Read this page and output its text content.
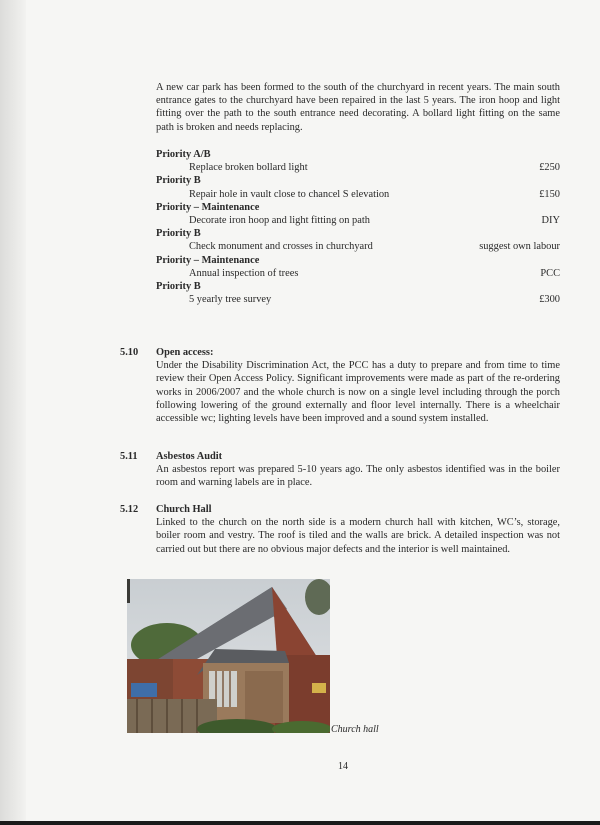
A new car park has been formed to the south of the churchyard in recent years. The main south entrance gates to the churchyard have been repaired in the last 5 years. The iron hoop and light fitting over the path to the south entrance need decorating. A bollard light fitting on the same path is broken and needs replacing.
Priority A/B
Replace broken bollard light	£250
Priority B
Repair hole in vault close to chancel S elevation	£150
Priority – Maintenance
Decorate iron hoop and light fitting on path	DIY
Priority B
Check monument and crosses in churchyard	suggest own labour
Priority – Maintenance
Annual inspection of trees	PCC
Priority B
5 yearly tree survey	£300
5.10 Open access:
Under the Disability Discrimination Act, the PCC has a duty to prepare and from time to time review their Open Access Policy. Significant improvements were made as part of the re-ordering works in 2006/2007 and the whole church is now on a single level including through the porch following lowering of the ground externally and floor level internally. There is a wheelchair accessible wc; lighting levels have been improved and a sound system installed.
5.11 Asbestos Audit
An asbestos report was prepared 5-10 years ago. The only asbestos identified was in the boiler room and warning labels are in place.
5.12 Church Hall
Linked to the church on the north side is a modern church hall with kitchen, WC’s, storage, boiler room and vestry. The roof is tiled and the walls are brick. A detailed inspection was not carried out but there are no obvious major defects and the interior is well maintained.
Church hall
14
